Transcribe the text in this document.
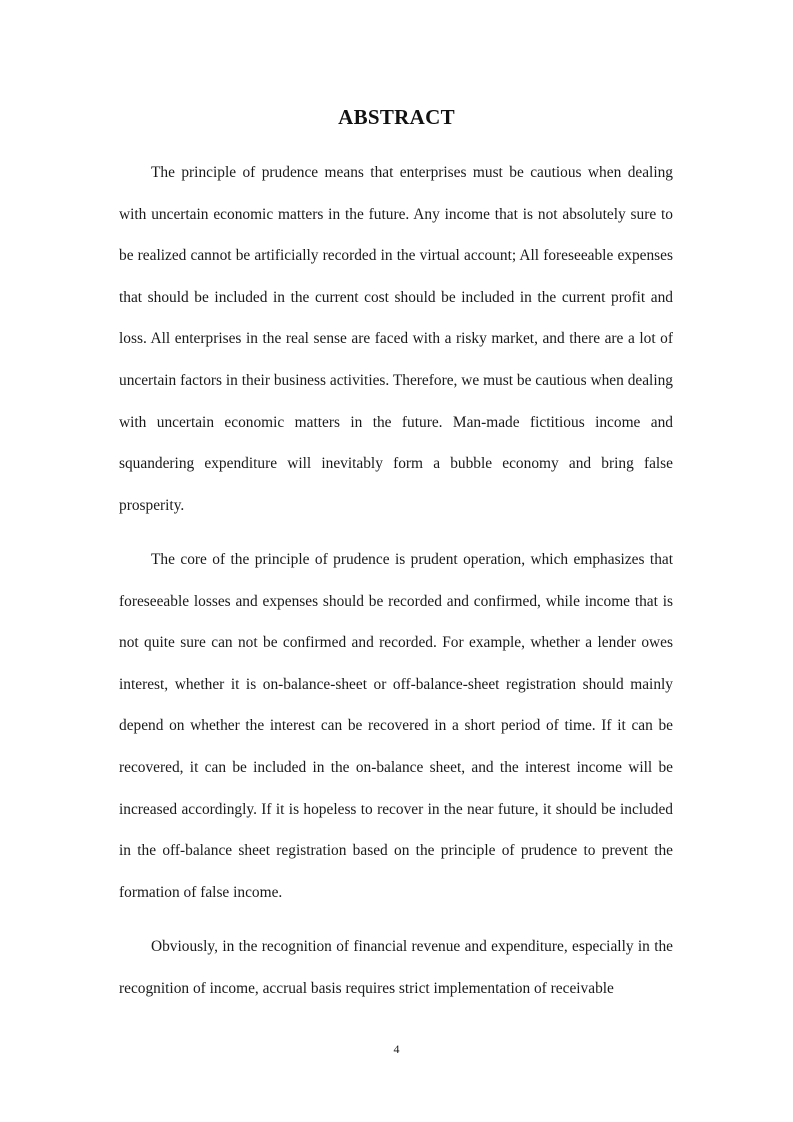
ABSTRACT

The principle of prudence means that enterprises must be cautious when dealing with uncertain economic matters in the future. Any income that is not absolutely sure to be realized cannot be artificially recorded in the virtual account; All foreseeable expenses that should be included in the current cost should be included in the current profit and loss. All enterprises in the real sense are faced with a risky market, and there are a lot of uncertain factors in their business activities. Therefore, we must be cautious when dealing with uncertain economic matters in the future. Man-made fictitious income and squandering expenditure will inevitably form a bubble economy and bring false prosperity.

The core of the principle of prudence is prudent operation, which emphasizes that foreseeable losses and expenses should be recorded and confirmed, while income that is not quite sure can not be confirmed and recorded. For example, whether a lender owes interest, whether it is on-balance-sheet or off-balance-sheet registration should mainly depend on whether the interest can be recovered in a short period of time. If it can be recovered, it can be included in the on-balance sheet, and the interest income will be increased accordingly. If it is hopeless to recover in the near future, it should be included in the off-balance sheet registration based on the principle of prudence to prevent the formation of false income.

Obviously, in the recognition of financial revenue and expenditure, especially in the recognition of income, accrual basis requires strict implementation of receivable

4
